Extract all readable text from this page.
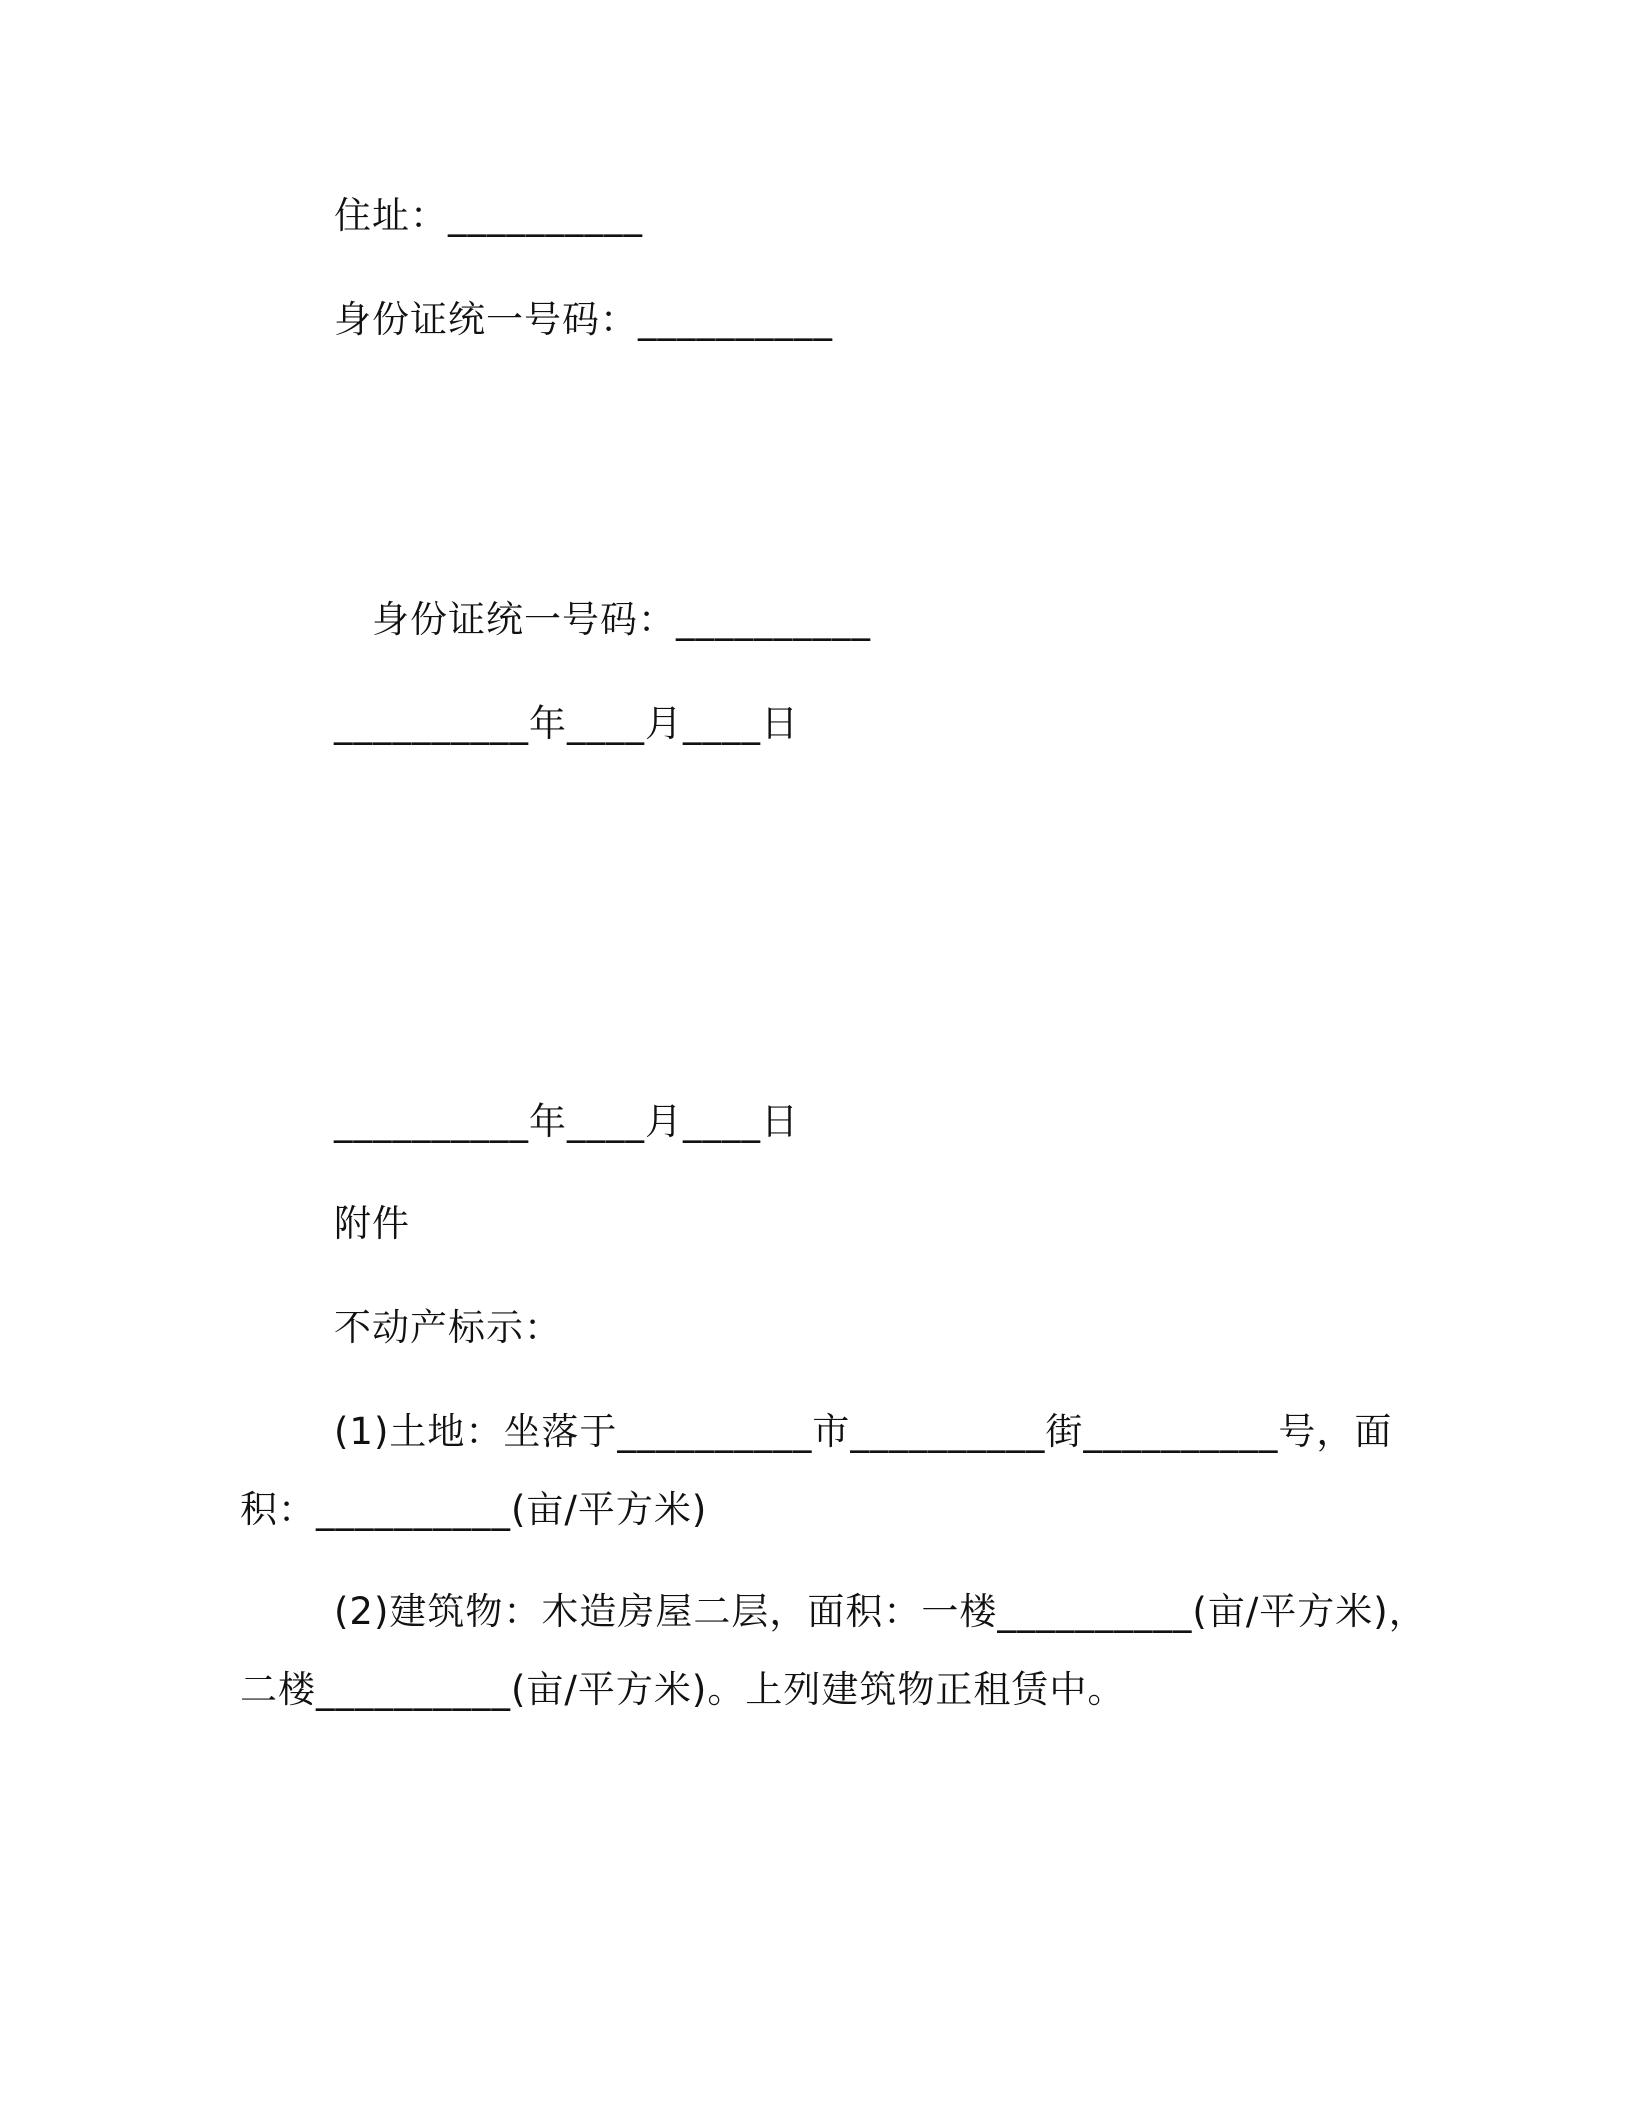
住址：__________
身份证统一号码：__________
身份证统一号码：__________
__________年____月____日
__________年____月____日
附件
不动产标示：
(1)土地：坐落于__________市__________街__________号，面
积：__________(亩/平方米)
(2)建筑物：木造房屋二层，面积：一楼__________(亩/平方米)，
二楼__________(亩/平方米)。上列建筑物正租赁中。
